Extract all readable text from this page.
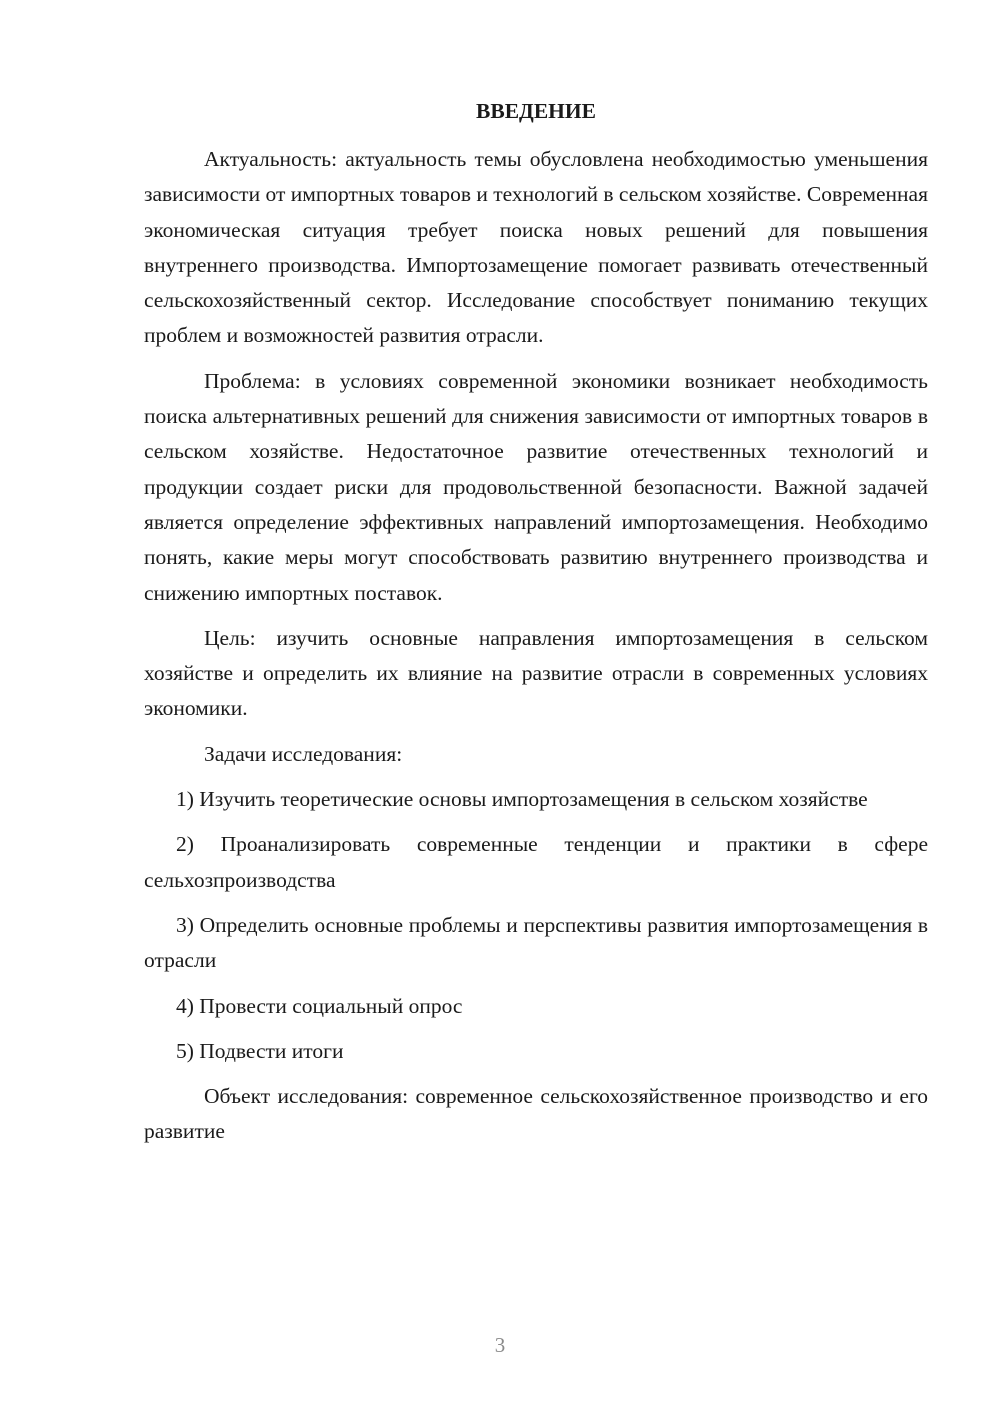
ВВЕДЕНИЕ

Актуальность: актуальность темы обусловлена необходимостью уменьшения зависимости от импортных товаров и технологий в сельском хозяйстве. Современная экономическая ситуация требует поиска новых решений для повышения внутреннего производства. Импортозамещение помогает развивать отечественный сельскохозяйственный сектор. Исследование способствует пониманию текущих проблем и возможностей развития отрасли.

Проблема: в условиях современной экономики возникает необходимость поиска альтернативных решений для снижения зависимости от импортных товаров в сельском хозяйстве. Недостаточное развитие отечественных технологий и продукции создает риски для продовольственной безопасности. Важной задачей является определение эффективных направлений импортозамещения. Необходимо понять, какие меры могут способствовать развитию внутреннего производства и снижению импортных поставок.

Цель: изучить основные направления импортозамещения в сельском хозяйстве и определить их влияние на развитие отрасли в современных условиях экономики.

Задачи исследования:

1) Изучить теоретические основы импортозамещения в сельском хозяйстве

2) Проанализировать современные тенденции и практики в сфере сельхозпроизводства

3) Определить основные проблемы и перспективы развития импортозамещения в отрасли

4) Провести социальный опрос

5) Подвести итоги

Объект исследования: современное сельскохозяйственное производство и его развитие

3
